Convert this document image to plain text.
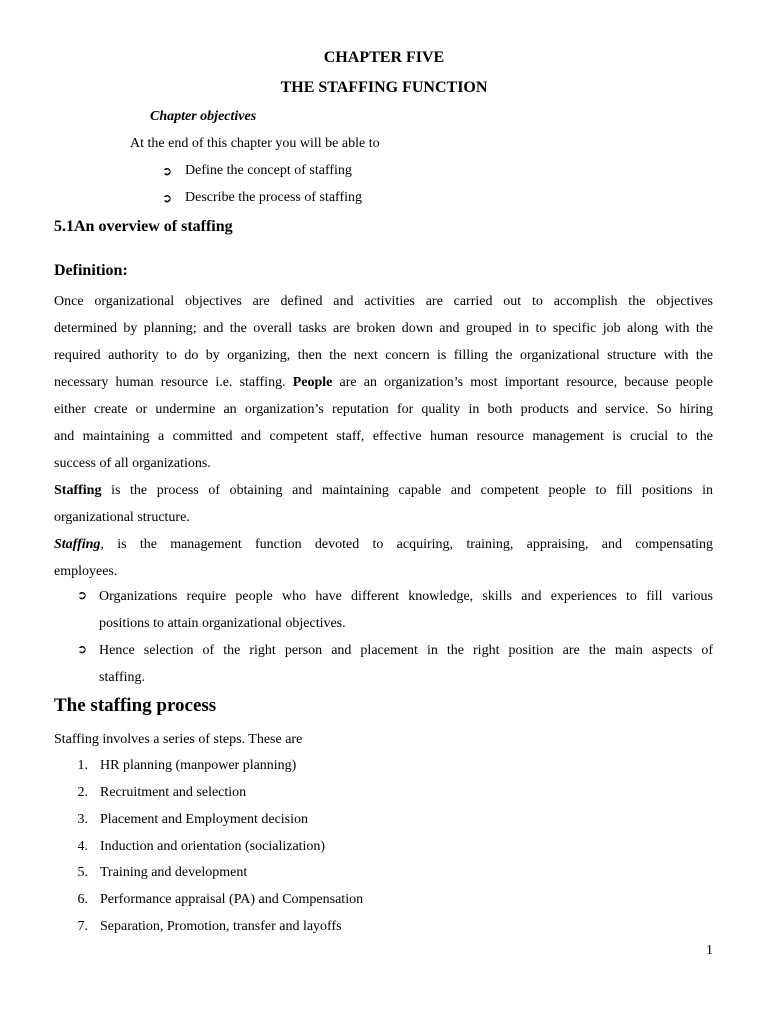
CHAPTER FIVE
THE STAFFING FUNCTION
Chapter objectives
At the end of this chapter you will be able to
➲ Define the concept of staffing
➲ Describe the process of staffing
5.1An overview of staffing
Definition:
Once organizational objectives are defined and activities are carried out to accomplish the objectives
determined by planning; and the overall tasks are broken down and grouped in to specific job along with the
required authority to do by organizing, then the next concern is filling the organizational structure with the
necessary human resource i.e. staffing. People are an organization’s most important resource, because people
either create or undermine an organization’s reputation for quality in both products and service. So hiring
and maintaining a committed and competent staff, effective human resource management is crucial to the
success of all organizations.
Staffing is the process of obtaining and maintaining capable and competent people to fill positions in
organizational structure.
Staffing, is the management function devoted to acquiring, training, appraising, and compensating
employees.
➲ Organizations require people who have different knowledge, skills and experiences to fill various
positions to attain organizational objectives.
➲ Hence selection of the right person and placement in the right position are the main aspects of
staffing.
The staffing process
Staffing involves a series of steps. These are
1. HR planning (manpower planning)
2. Recruitment and selection
3. Placement and Employment decision
4. Induction and orientation (socialization)
5. Training and development
6. Performance appraisal (PA) and Compensation
7. Separation, Promotion, transfer and layoffs
1
